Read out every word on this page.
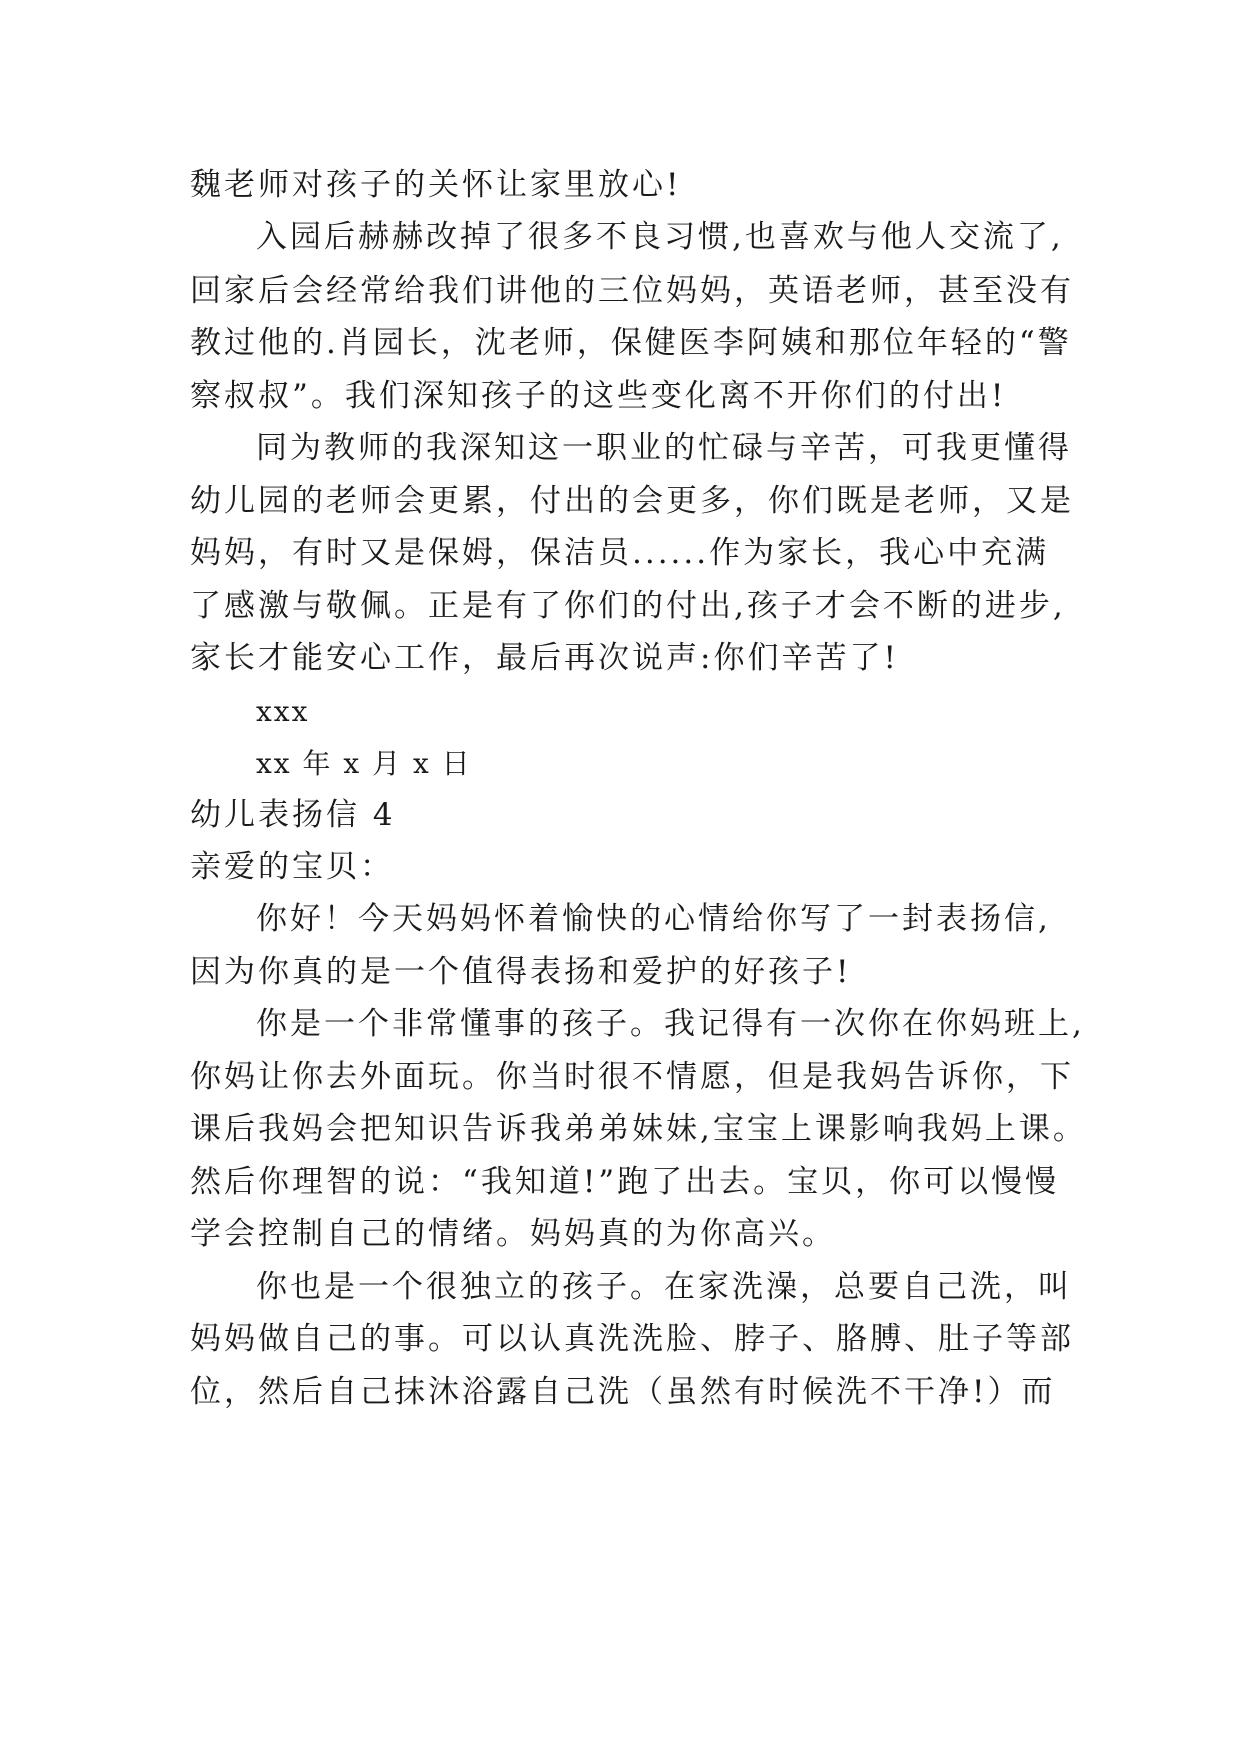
魏老师对孩子的关怀让家里放心!
入园后赫赫改掉了很多不良习惯,也喜欢与他人交流了,
回家后会经常给我们讲他的三位妈妈，英语老师，甚至没有
教过他的.肖园长，沈老师，保健医李阿姨和那位年轻的“警
察叔叔”。我们深知孩子的这些变化离不开你们的付出!
同为教师的我深知这一职业的忙碌与辛苦，可我更懂得
幼儿园的老师会更累，付出的会更多，你们既是老师，又是
妈妈，有时又是保姆，保洁员......作为家长，我心中充满
了感激与敬佩。正是有了你们的付出,孩子才会不断的进步,
家长才能安心工作，最后再次说声:你们辛苦了!
xxx
xx 年 x 月 x 日
幼儿表扬信 4
亲爱的宝贝：
你好！今天妈妈怀着愉快的心情给你写了一封表扬信,
因为你真的是一个值得表扬和爱护的好孩子!
你是一个非常懂事的孩子。我记得有一次你在你妈班上,
你妈让你去外面玩。你当时很不情愿，但是我妈告诉你，下
课后我妈会把知识告诉我弟弟妹妹,宝宝上课影响我妈上课。
然后你理智的说：“我知道!”跑了出去。宝贝，你可以慢慢
学会控制自己的情绪。妈妈真的为你高兴。
你也是一个很独立的孩子。在家洗澡，总要自己洗，叫
妈妈做自己的事。可以认真洗洗脸、脖子、胳膊、肚子等部
位，然后自己抹沐浴露自己洗（虽然有时候洗不干净!）而
